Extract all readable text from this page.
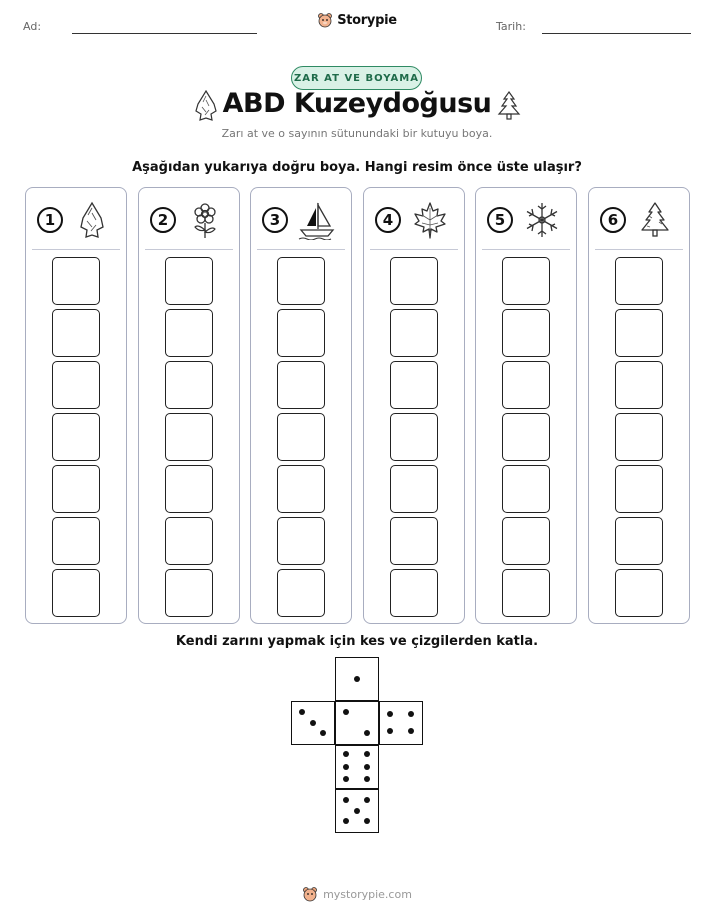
Ad:	Storypie	Tarih:
ZAR AT VE BOYAMA
ABD Kuzeydoğusu
Zarı at ve o sayının sütunundaki bir kutuyu boya.
Aşağıdan yukarıya doğru boya. Hangi resim önce üste ulaşır?
1	2	3	4	5	6
Kendi zarını yapmak için kes ve çizgilerden katla.
mystorypie.com
